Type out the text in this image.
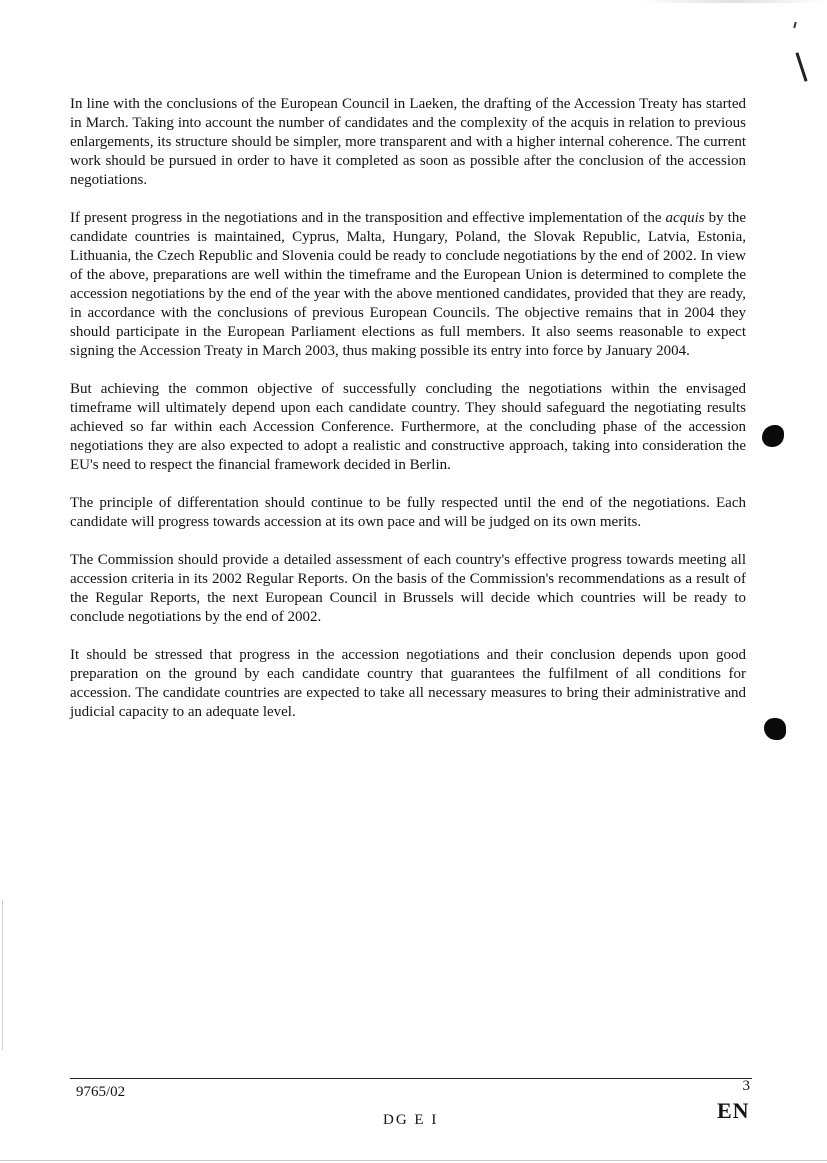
In line with the conclusions of the European Council in Laeken, the drafting of the Accession Treaty has started in March. Taking into account the number of candidates and the complexity of the acquis in relation to previous enlargements, its structure should be simpler, more transparent and with a higher internal coherence. The current work should be pursued in order to have it completed as soon as possible after the conclusion of the accession negotiations.

If present progress in the negotiations and in the transposition and effective implementation of the acquis by the candidate countries is maintained, Cyprus, Malta, Hungary, Poland, the Slovak Republic, Latvia, Estonia, Lithuania, the Czech Republic and Slovenia could be ready to conclude negotiations by the end of 2002. In view of the above, preparations are well within the timeframe and the European Union is determined to complete the accession negotiations by the end of the year with the above mentioned candidates, provided that they are ready, in accordance with the conclusions of previous European Councils. The objective remains that in 2004 they should participate in the European Parliament elections as full members. It also seems reasonable to expect signing the Accession Treaty in March 2003, thus making possible its entry into force by January 2004.

But achieving the common objective of successfully concluding the negotiations within the envisaged timeframe will ultimately depend upon each candidate country. They should safeguard the negotiating results achieved so far within each Accession Conference. Furthermore, at the concluding phase of the accession negotiations they are also expected to adopt a realistic and constructive approach, taking into consideration the EU's need to respect the financial framework decided in Berlin.

The principle of differentation should continue to be fully respected until the end of the negotiations. Each candidate will progress towards accession at its own pace and will be judged on its own merits.

The Commission should provide a detailed assessment of each country's effective progress towards meeting all accession criteria in its 2002 Regular Reports. On the basis of the Commission's recommendations as a result of the Regular Reports, the next European Council in Brussels will decide which countries will be ready to conclude negotiations by the end of 2002.

It should be stressed that progress in the accession negotiations and their conclusion depends upon good preparation on the ground by each candidate country that guarantees the fulfilment of all conditions for accession. The candidate countries are expected to take all necessary measures to bring their administrative and judicial capacity to an adequate level.

9765/02	3
DG E I	EN
